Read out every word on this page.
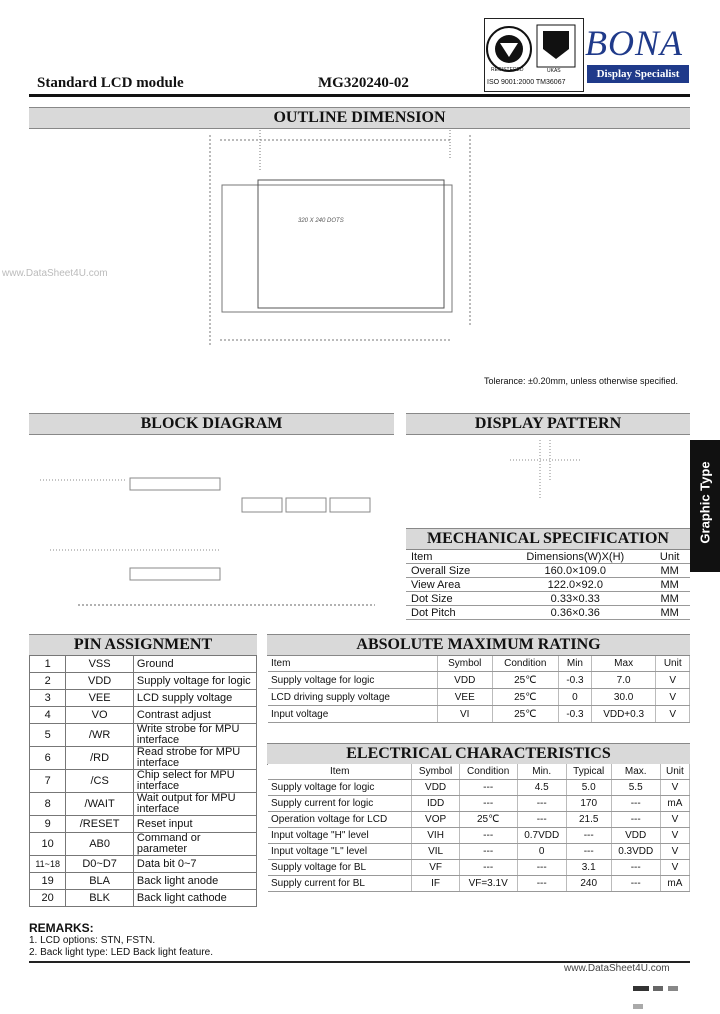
Standard LCD module	MG320240-02
REGISTERED	UKAS
ISO 9001:2000 TM36067
BONA
Display Specialist
OUTLINE DIMENSION
320 X 240 DOTS
Tolerance: ±0.20mm, unless otherwise specified.
www.DataSheet4U.com
BLOCK DIAGRAM	DISPLAY PATTERN
Graphic Type
MECHANICAL SPECIFICATION
Item	Dimensions(W)X(H)	Unit
Overall Size	160.0×109.0	MM
View Area	122.0×92.0	MM
Dot Size	0.33×0.33	MM
Dot Pitch	0.36×0.36	MM
PIN ASSIGNMENT
1	VSS	Ground
2	VDD	Supply voltage for logic
3	VEE	LCD supply voltage
4	VO	Contrast adjust
5	/WR	Write strobe for MPU interface
6	/RD	Read strobe for MPU interface
7	/CS	Chip select for MPU interface
8	/WAIT	Wait output for MPU interface
9	/RESET	Reset input
10	AB0	Command or parameter
11~18	D0~D7	Data bit 0~7
19	BLA	Back light anode
20	BLK	Back light cathode
ABSOLUTE MAXIMUM RATING
Item	Symbol	Condition	Min	Max	Unit
Supply voltage for logic	VDD	25℃	-0.3	7.0	V
LCD driving supply voltage	VEE	25℃	0	30.0	V
Input voltage	VI	25℃	-0.3	VDD+0.3	V
ELECTRICAL CHARACTERISTICS
Item	Symbol	Condition	Min.	Typical	Max.	Unit
Supply voltage for logic	VDD	---	4.5	5.0	5.5	V
Supply current for logic	IDD	---	---	170	---	mA
Operation voltage for LCD	VOP	25℃	---	21.5	---	V
Input voltage "H" level	VIH	---	0.7VDD	---	VDD	V
Input voltage "L" level	VIL	---	0	---	0.3VDD	V
Supply voltage for BL	VF	---	---	3.1	---	V
Supply current for BL	IF	VF=3.1V	---	240	---	mA
REMARKS:
1. LCD options: STN, FSTN.
2. Back light type: LED Back light feature.
www.DataSheet4U.com
